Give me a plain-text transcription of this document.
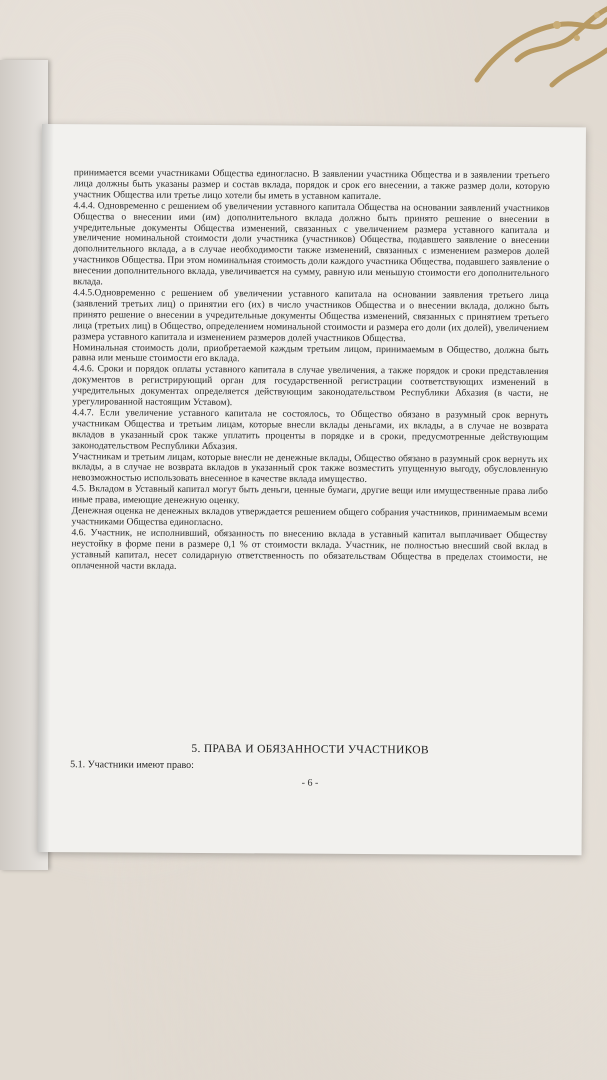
принимается всеми участниками Общества единогласно. В заявлении участника Общества и в заявлении третьего лица должны быть указаны размер и состав вклада, порядок и срок его внесении, а также размер доли, которую участник Общества или третье лицо хотели бы иметь в уставном капитале.

4.4.4. Одновременно с решением об увеличении уставного капитала Общества на основании заявлений участников Общества о внесении ими (им) дополнительного вклада должно быть принято решение о внесении в учредительные документы Общества изменений, связанных с увеличением размера уставного капитала и увеличение номинальной стоимости доли участника (участников) Общества, подавшего заявление о внесении дополнительного вклада, а в случае необходимости также изменений, связанных с изменением размеров долей участников Общества. При этом номинальная стоимость доли каждого участника Общества, подавшего заявление о внесении дополнительного вклада, увеличивается на сумму, равную или меньшую стоимости его дополнительного вклада.

4.4.5.Одновременно с решением об увеличении уставного капитала на основании заявления третьего лица (заявлений третьих лиц) о принятии его (их) в число участников Общества и о внесении вклада, должно быть принято решение о внесении в учредительные документы Общества изменений, связанных с принятием третьего лица (третьих лиц) в Общество, определением номинальной стоимости и размера его доли (их долей), увеличением размера уставного капитала и изменением размеров долей участников Общества.

Номинальная стоимость доли, приобретаемой каждым третьим лицом, принимаемым в Общество, должна быть равна или меньше стоимости его вклада.

4.4.6. Сроки и порядок оплаты уставного капитала в случае увеличения, а также порядок и сроки представления документов в регистрирующий орган для государственной регистрации соответствующих изменений в учредительных документах определяется действующим законодательством Республики Абхазия (в части, не урегулированной настоящим Уставом).

4.4.7. Если увеличение уставного капитала не состоялось, то Общество обязано в разумный срок вернуть участникам Общества и третьим лицам, которые внесли вклады деньгами, их вклады, а в случае не возврата вкладов в указанный срок также уплатить проценты в порядке и в сроки, предусмотренные действующим законодательством Республики Абхазия.

Участникам и третьим лицам, которые внесли не денежные вклады, Общество обязано в разумный срок вернуть их вклады, а в случае не возврата вкладов в указанный срок также возместить упущенную выгоду, обусловленную невозможностью использовать внесенное в качестве вклада имущество.

4.5. Вкладом в Уставный капитал могут быть деньги, ценные бумаги, другие вещи или имущественные права либо иные права, имеющие денежную оценку.

Денежная оценка не денежных вкладов утверждается решением общего собрания участников, принимаемым всеми участниками Общества единогласно.

4.6. Участник, не исполнивший, обязанность по внесению вклада в уставный капитал выплачивает Обществу неустойку в форме пени в размере 0,1 % от стоимости вклада. Участник, не полностью внесший свой вклад в уставный капитал, несет солидарную ответственность по обязательствам Общества в пределах стоимости, не оплаченной части вклада.

5. ПРАВА И ОБЯЗАННОСТИ УЧАСТНИКОВ
5.1. Участники имеют право:
- 6 -
